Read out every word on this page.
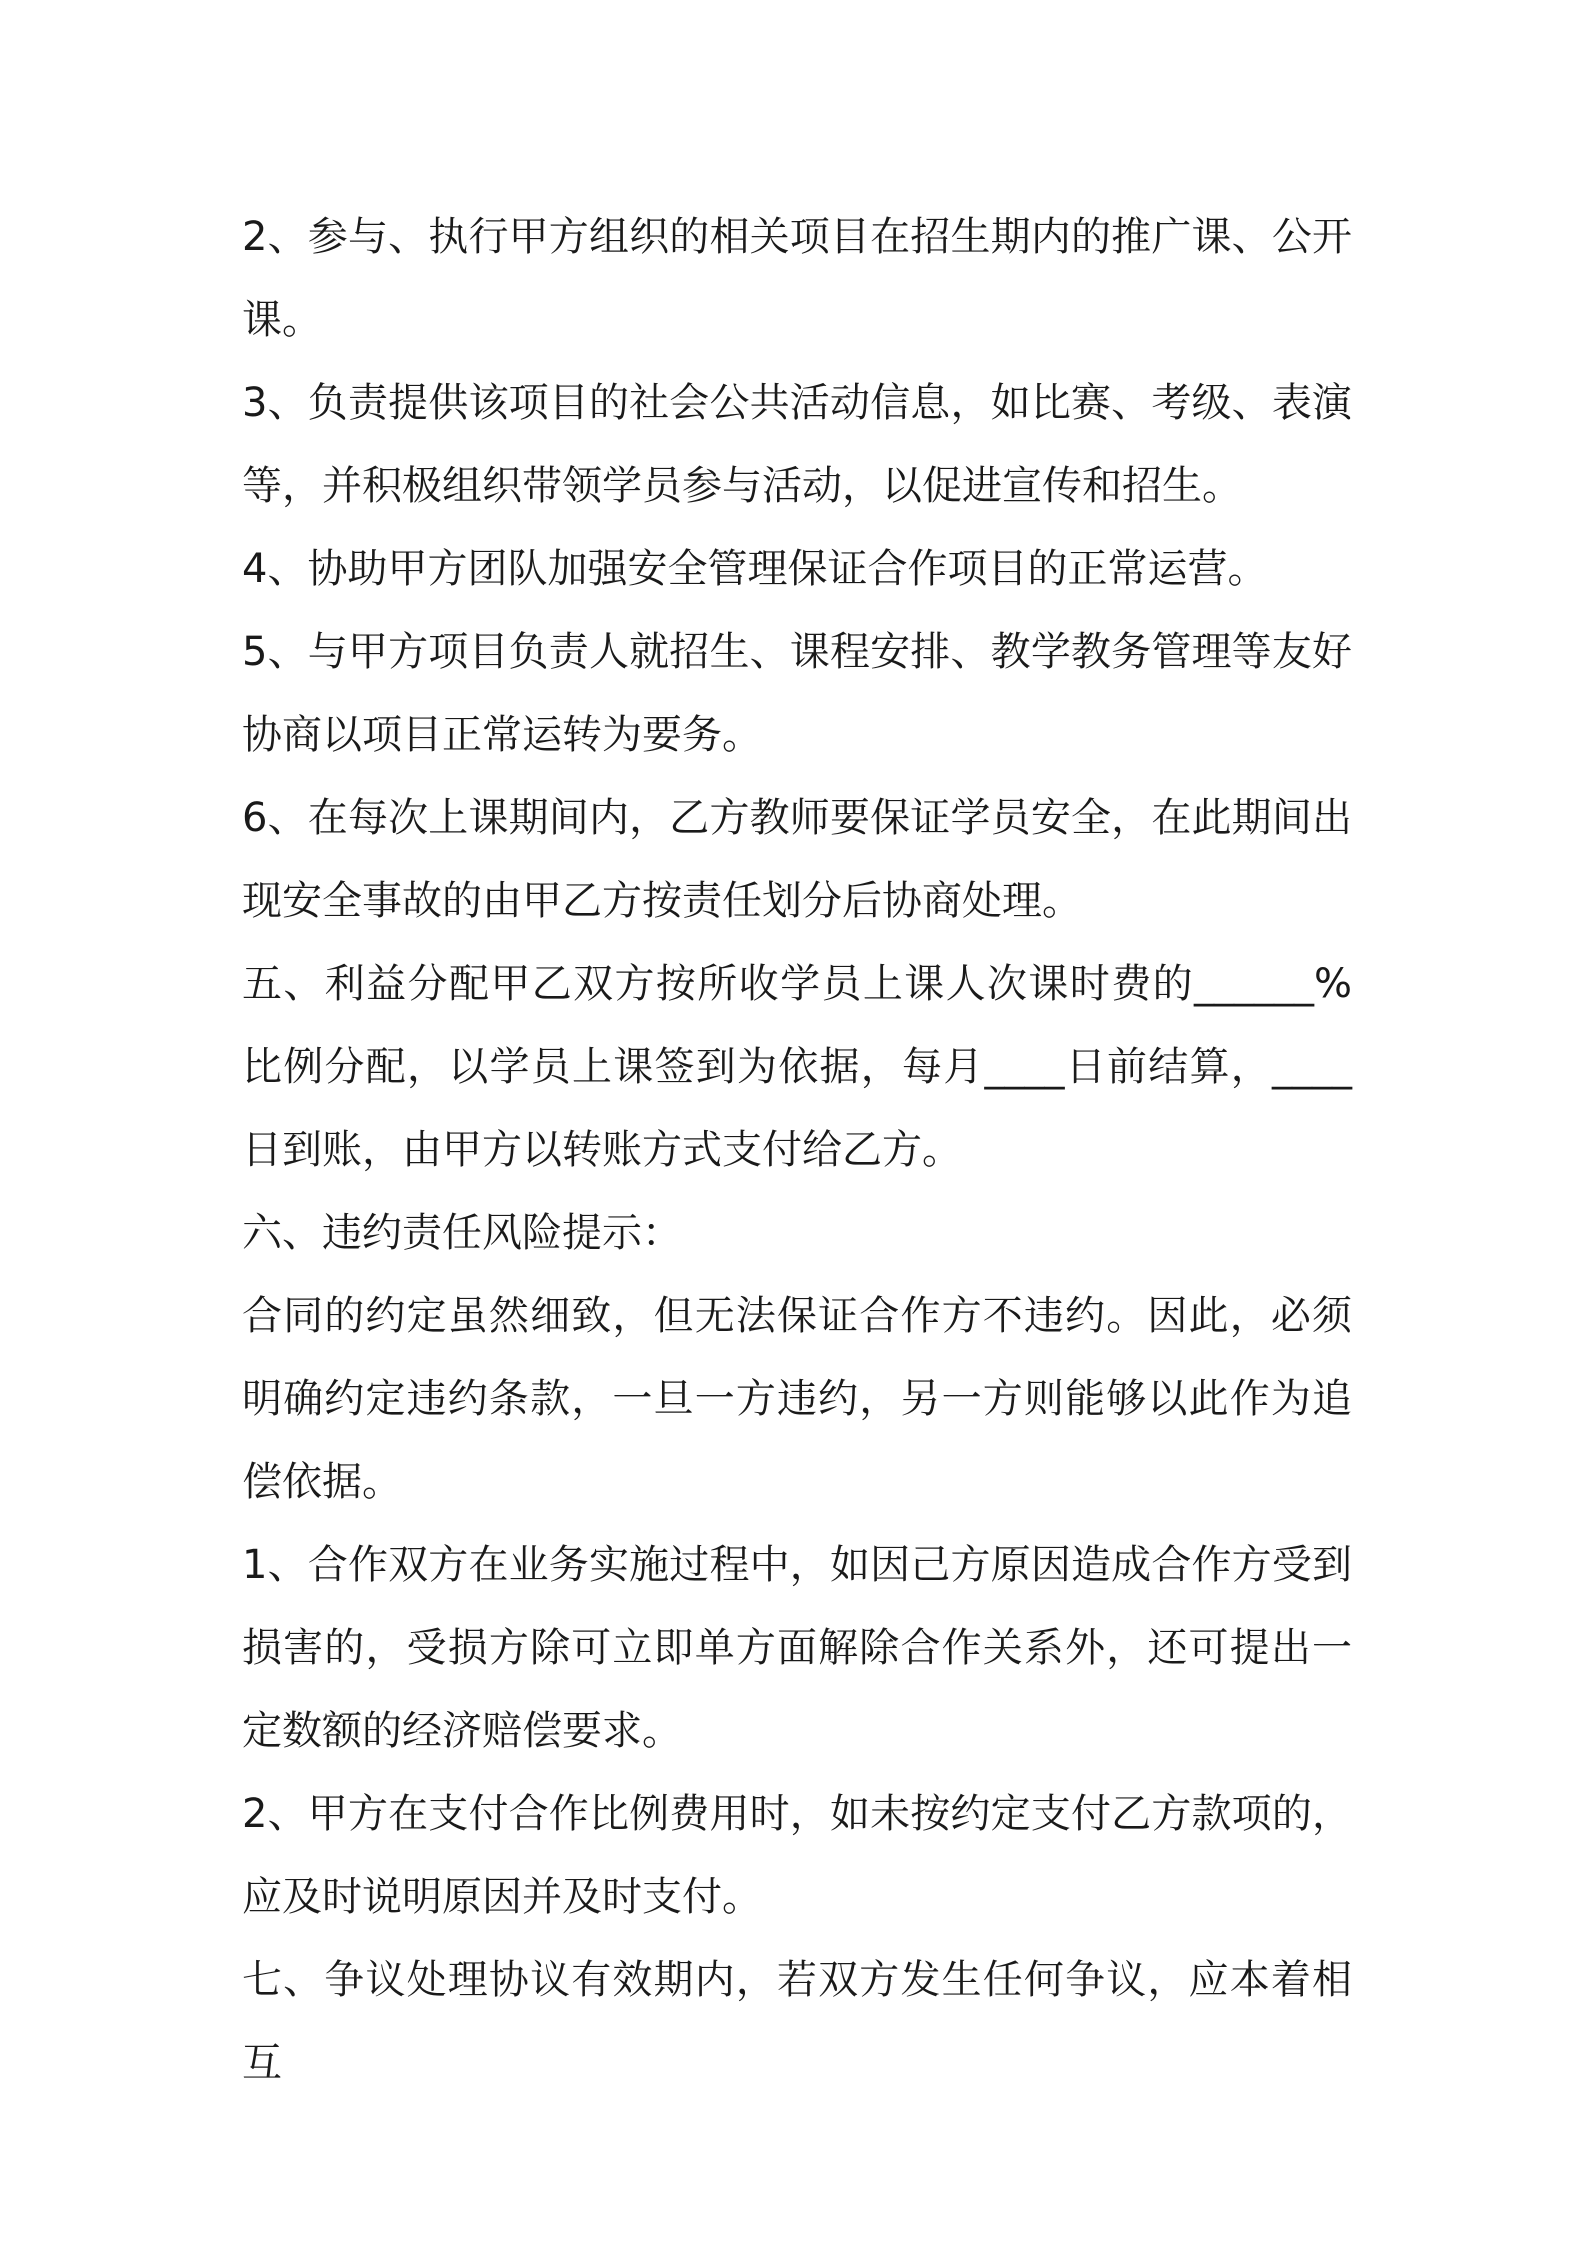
2、参与、执行甲方组织的相关项目在招生期内的推广课、公开课。

3、负责提供该项目的社会公共活动信息，如比赛、考级、表演等，并积极组织带领学员参与活动，以促进宣传和招生。

4、协助甲方团队加强安全管理保证合作项目的正常运营。

5、与甲方项目负责人就招生、课程安排、教学教务管理等友好协商以项目正常运转为要务。

6、在每次上课期间内，乙方教师要保证学员安全，在此期间出现安全事故的由甲乙方按责任划分后协商处理。

五、利益分配甲乙双方按所收学员上课人次课时费的______%比例分配，以学员上课签到为依据，每月____日前结算，____日到账，由甲方以转账方式支付给乙方。

六、违约责任风险提示：

合同的约定虽然细致，但无法保证合作方不违约。因此，必须明确约定违约条款，一旦一方违约，另一方则能够以此作为追偿依据。

1、合作双方在业务实施过程中，如因己方原因造成合作方受到损害的，受损方除可立即单方面解除合作关系外，还可提出一定数额的经济赔偿要求。

2、甲方在支付合作比例费用时，如未按约定支付乙方款项的，应及时说明原因并及时支付。

七、争议处理协议有效期内，若双方发生任何争议，应本着相互
